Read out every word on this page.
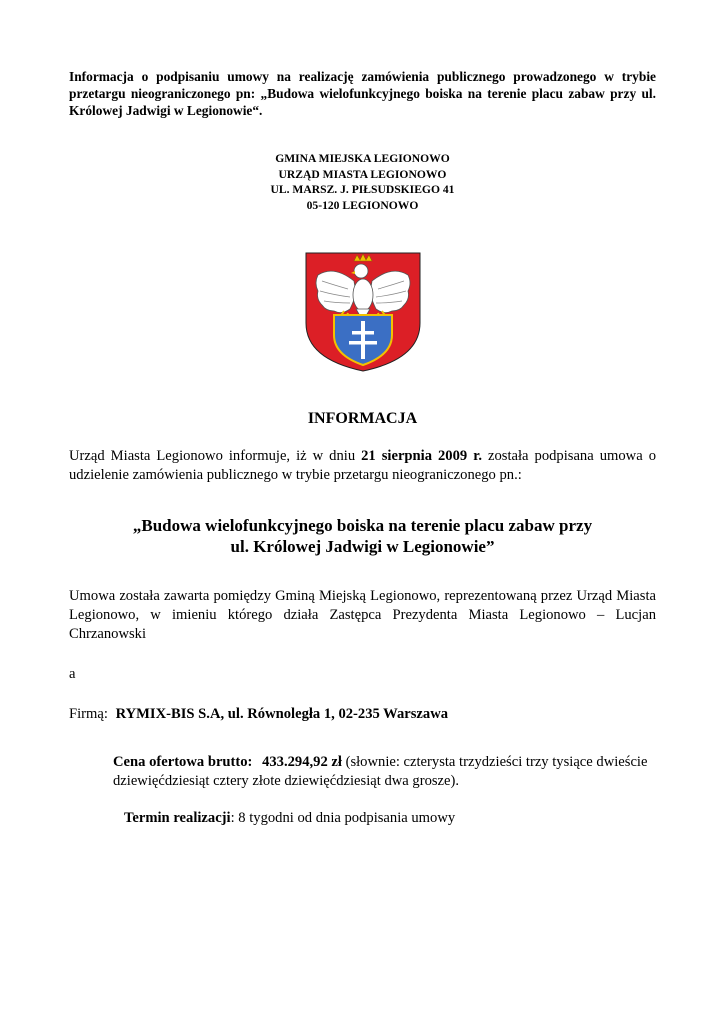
Informacja o podpisaniu umowy na realizację zamówienia publicznego prowadzonego w trybie przetargu nieograniczonego pn: „Budowa wielofunkcyjnego boiska na terenie placu zabaw przy ul. Królowej Jadwigi w Legionowie“.

GMINA MIEJSKA LEGIONOWO
URZĄD MIASTA LEGIONOWO
UL. MARSZ. J. PIŁSUDSKIEGO 41
05-120 LEGIONOWO
INFORMACJA

Urząd Miasta Legionowo informuje, iż w dniu 21 sierpnia 2009 r. została podpisana umowa o udzielenie zamówienia publicznego w trybie przetargu nieograniczonego pn.:

„Budowa wielofunkcyjnego boiska na terenie placu zabaw przy
ul. Królowej Jadwigi w Legionowie”

Umowa została zawarta pomiędzy Gminą Miejską Legionowo, reprezentowaną przez Urząd Miasta Legionowo, w imieniu którego działa Zastępca Prezydenta Miasta Legionowo – Lucjan Chrzanowski

a
Firmą: RYMIX-BIS S.A, ul. Równoległa 1, 02-235 Warszawa
Cena ofertowa brutto: 433.294,92 zł (słownie: czterysta trzydzieści trzy tysiące dwieście dziewięćdziesiąt cztery złote dziewięćdziesiąt dwa grosze).
Termin realizacji: 8 tygodni od dnia podpisania umowy
